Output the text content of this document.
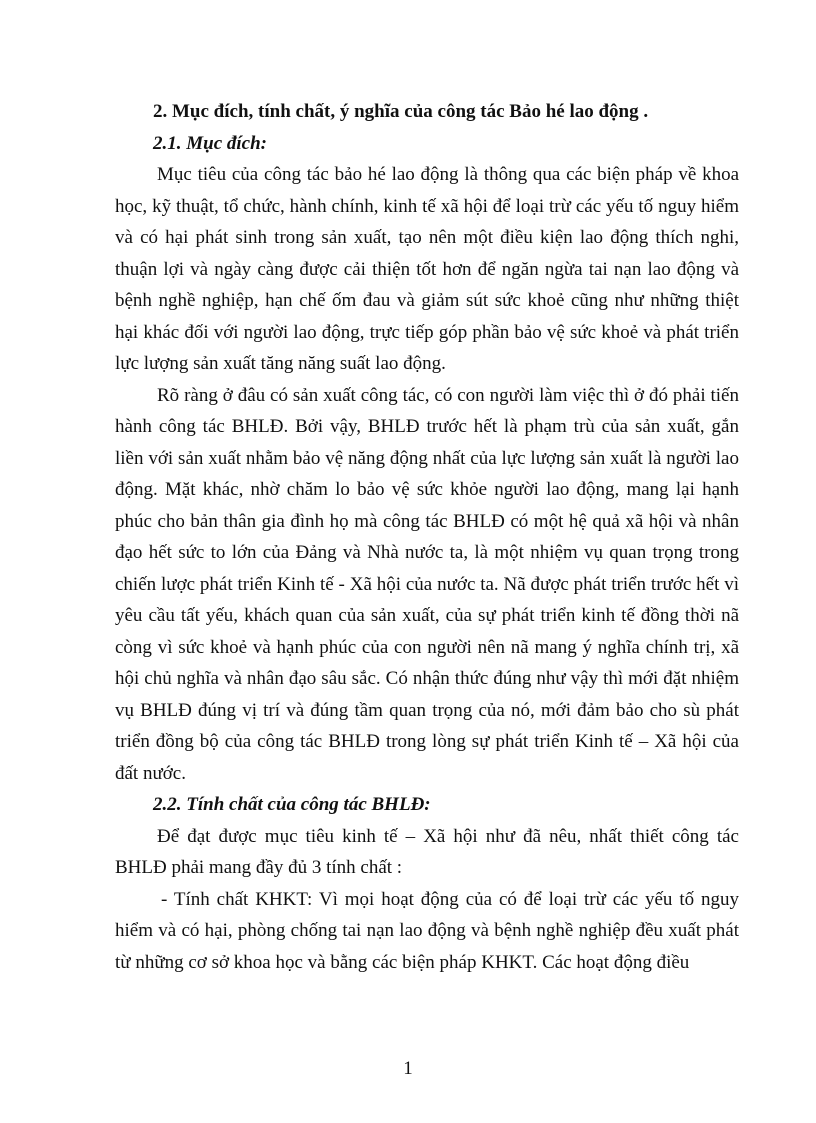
2. Mục đích, tính chất, ý nghĩa của công tác Bảo hé lao động .
2.1. Mục đích:

Mục tiêu của công tác bảo hé lao động là thông qua các biện pháp về khoa học, kỹ thuật, tổ chức, hành chính, kinh tế xã hội để loại trừ các yếu tố nguy hiểm và có hại phát sinh trong sản xuất, tạo nên một điều kiện lao động thích nghi, thuận lợi và ngày càng được cải thiện tốt hơn để ngăn ngừa tai nạn lao động và bệnh nghề nghiệp, hạn chế ốm đau và giảm sút sức khoẻ cũng như những thiệt hại khác đối với người lao động, trực tiếp góp phần bảo vệ sức khoẻ và phát triển lực lượng sản xuất tăng năng suất lao động.

Rõ ràng ở đâu có sản xuất công tác, có con người làm việc thì ở đó phải tiến hành công tác BHLĐ. Bởi vậy, BHLĐ trước hết là phạm trù của sản xuất, gắn liền với sản xuất nhằm bảo vệ năng động nhất của lực lượng sản xuất là người lao động. Mặt khác, nhờ chăm lo bảo vệ sức khỏe người lao động, mang lại hạnh phúc cho bản thân gia đình họ mà công tác BHLĐ có một hệ quả xã hội và nhân đạo hết sức to lớn của Đảng và Nhà nước ta, là một nhiệm vụ quan trọng trong chiến lược phát triển Kinh tế - Xã hội của nước ta. Nã được phát triển trước hết vì yêu cầu tất yếu, khách quan của sản xuất, của sự phát triển kinh tế đồng thời nã còng vì sức khoẻ và hạnh phúc của con người nên nã mang ý nghĩa chính trị, xã hội chủ nghĩa và nhân đạo sâu sắc. Có nhận thức đúng như vậy thì mới đặt nhiệm vụ BHLĐ đúng vị trí và đúng tầm quan trọng của nó, mới đảm bảo cho sù phát triển đồng bộ của công tác BHLĐ trong lòng sự phát triển Kinh tế – Xã hội của đất nước.

2.2. Tính chất của công tác BHLĐ:

Để đạt được mục tiêu kinh tế – Xã hội như đã nêu, nhất thiết công tác BHLĐ phải mang đầy đủ 3 tính chất :

- Tính chất KHKT: Vì mọi hoạt động của có để loại trừ các yếu tố nguy hiểm và có hại, phòng chống tai nạn lao động và bệnh nghề nghiệp đều xuất phát từ những cơ sở khoa học và bằng các biện pháp KHKT. Các hoạt động điều

1
